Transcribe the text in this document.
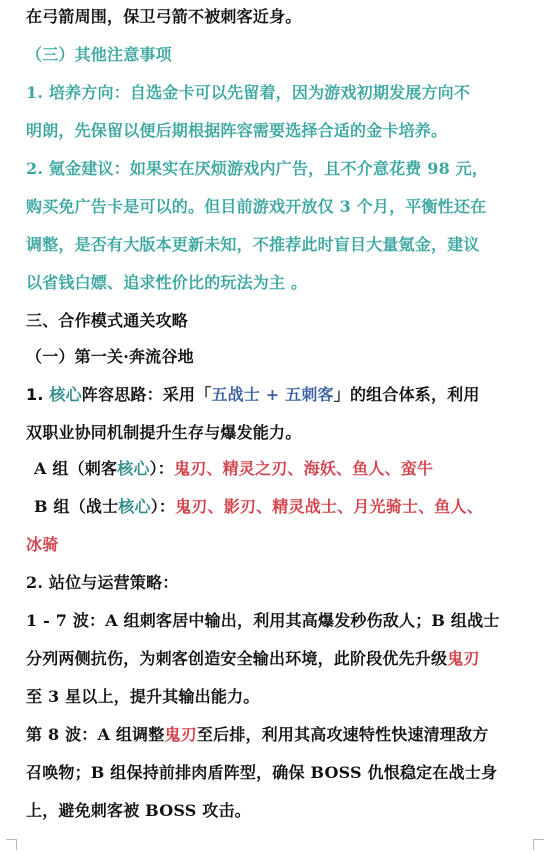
在弓箭周围，保卫弓箭不被刺客近身。
（三）其他注意事项
1. 培养方向：自选金卡可以先留着，因为游戏初期发展方向不
明朗，先保留以便后期根据阵容需要选择合适的金卡培养。
2. 氪金建议：如果实在厌烦游戏内广告，且不介意花费 98 元，
购买免广告卡是可以的。但目前游戏开放仅 3 个月，平衡性还在
调整，是否有大版本更新未知，不推荐此时盲目大量氪金，建议
以省钱白嫖、追求性价比的玩法为主 。
三、合作模式通关攻略
（一）第一关·奔流谷地
1. 核心阵容思路：采用「五战士 + 五刺客」的组合体系，利用
双职业协同机制提升生存与爆发能力。
A 组（刺客核心）：鬼刃、精灵之刃、海妖、鱼人、蛮牛
B 组（战士核心）：鬼刃、影刃、精灵战士、月光骑士、鱼人、
冰骑
2. 站位与运营策略：
1 - 7 波：A 组刺客居中输出，利用其高爆发秒伤敌人；B 组战士
分列两侧抗伤，为刺客创造安全输出环境，此阶段优先升级鬼刃
至 3 星以上，提升其输出能力。
第 8 波：A 组调整鬼刃至后排，利用其高攻速特性快速清理敌方
召唤物；B 组保持前排肉盾阵型，确保 BOSS 仇恨稳定在战士身
上，避免刺客被 BOSS 攻击。
